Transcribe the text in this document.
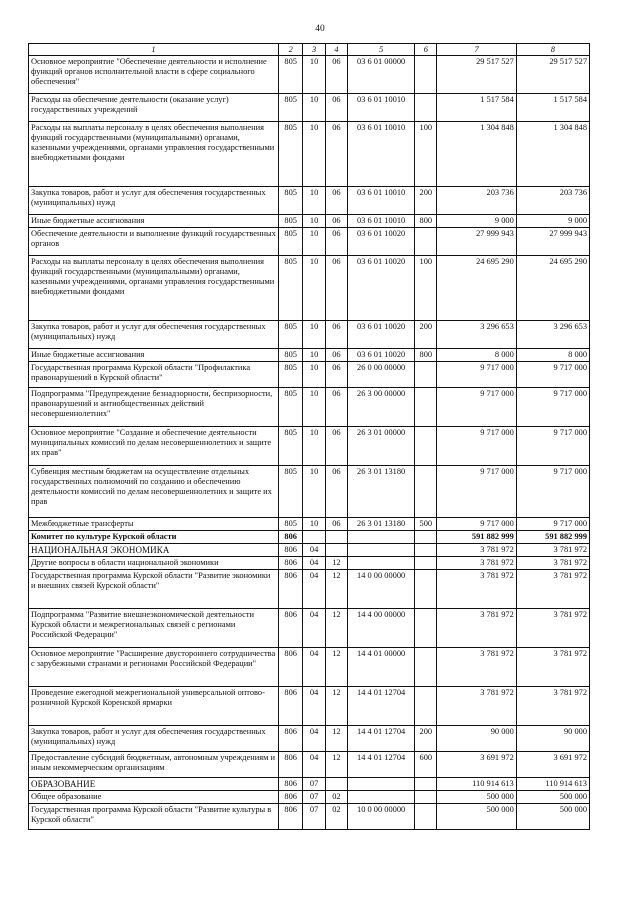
40
1	2	3	4	5	6	7	8
Основное мероприятие "Обеспечение деятельности и исполнение функций органов исполнительной власти в сфере социального обеспечения"	805	10	06	03 6 01 00000		29 517 527	29 517 527
Расходы на обеспечение деятельности (оказание услуг) государственных учреждений	805	10	06	03 6 01 10010		1 517 584	1 517 584
Расходы на выплаты персоналу в целях обеспечения выполнения функций государственными (муниципальными) органами, казенными учреждениями, органами управления государственными внебюджетными фондами	805	10	06	03 6 01 10010	100	1 304 848	1 304 848
Закупка товаров, работ и услуг для обеспечения государственных (муниципальных) нужд	805	10	06	03 6 01 10010	200	203 736	203 736
Иные бюджетные ассигнования	805	10	06	03 6 01 10010	800	9 000	9 000
Обеспечение деятельности и выполнение функций государственных органов	805	10	06	03 6 01 10020		27 999 943	27 999 943
Расходы на выплаты персоналу в целях обеспечения выполнения функций государственными (муниципальными) органами, казенными учреждениями, органами управления государственными внебюджетными фондами	805	10	06	03 6 01 10020	100	24 695 290	24 695 290
Закупка товаров, работ и услуг для обеспечения государственных (муниципальных) нужд	805	10	06	03 6 01 10020	200	3 296 653	3 296 653
Иные бюджетные ассигнования	805	10	06	03 6 01 10020	800	8 000	8 000
Государственная программа Курской области "Профилактика правонарушений в Курской области"	805	10	06	26 0 00 00000		9 717 000	9 717 000
Подпрограмма "Предупреждение безнадзорности, беспризорности, правонарушений и антиобщественных действий несовершеннолетних"	805	10	06	26 3 00 00000		9 717 000	9 717 000
Основное мероприятие "Создание и обеспечение деятельности муниципальных комиссий по делам несовершеннолетних и защите их прав"	805	10	06	26 3 01 00000		9 717 000	9 717 000
Субвенция местным бюджетам на осуществление отдельных государственных полномочий по созданию и обеспечению деятельности комиссий по делам несовершеннолетних и защите их прав	805	10	06	26 3 01 13180		9 717 000	9 717 000
Межбюджетные трансферты	805	10	06	26 3 01 13180	500	9 717 000	9 717 000
Комитет по культуре Курской области	806					591 882 999	591 882 999
НАЦИОНАЛЬНАЯ ЭКОНОМИКА	806	04				3 781 972	3 781 972
Другие вопросы в области национальной экономики	806	04	12			3 781 972	3 781 972
Государственная программа Курской области "Развитие экономики и внешних связей Курской области"	806	04	12	14 0 00 00000		3 781 972	3 781 972
Подпрограмма "Развитие внешнеэкономической деятельности Курской области и межрегиональных связей с регионами Российской Федерации"	806	04	12	14 4 00 00000		3 781 972	3 781 972
Основное мероприятие "Расширение двустороннего сотрудничества с зарубежными странами и регионами Российской Федерации"	806	04	12	14 4 01 00000		3 781 972	3 781 972
Проведение ежегодной межрегиональной универсальной оптово-розничной Курской Коренской ярмарки	806	04	12	14 4 01 12704		3 781 972	3 781 972
Закупка товаров, работ и услуг для обеспечения государственных (муниципальных) нужд	806	04	12	14 4 01 12704	200	90 000	90 000
Предоставление субсидий бюджетным, автономным учреждениям и иным некоммерческим организациям	806	04	12	14 4 01 12704	600	3 691 972	3 691 972
ОБРАЗОВАНИЕ	806	07				110 914 613	110 914 613
Общее образование	806	07	02			500 000	500 000
Государственная программа Курской области "Развитие культуры в Курской области"	806	07	02	10 0 00 00000		500 000	500 000
